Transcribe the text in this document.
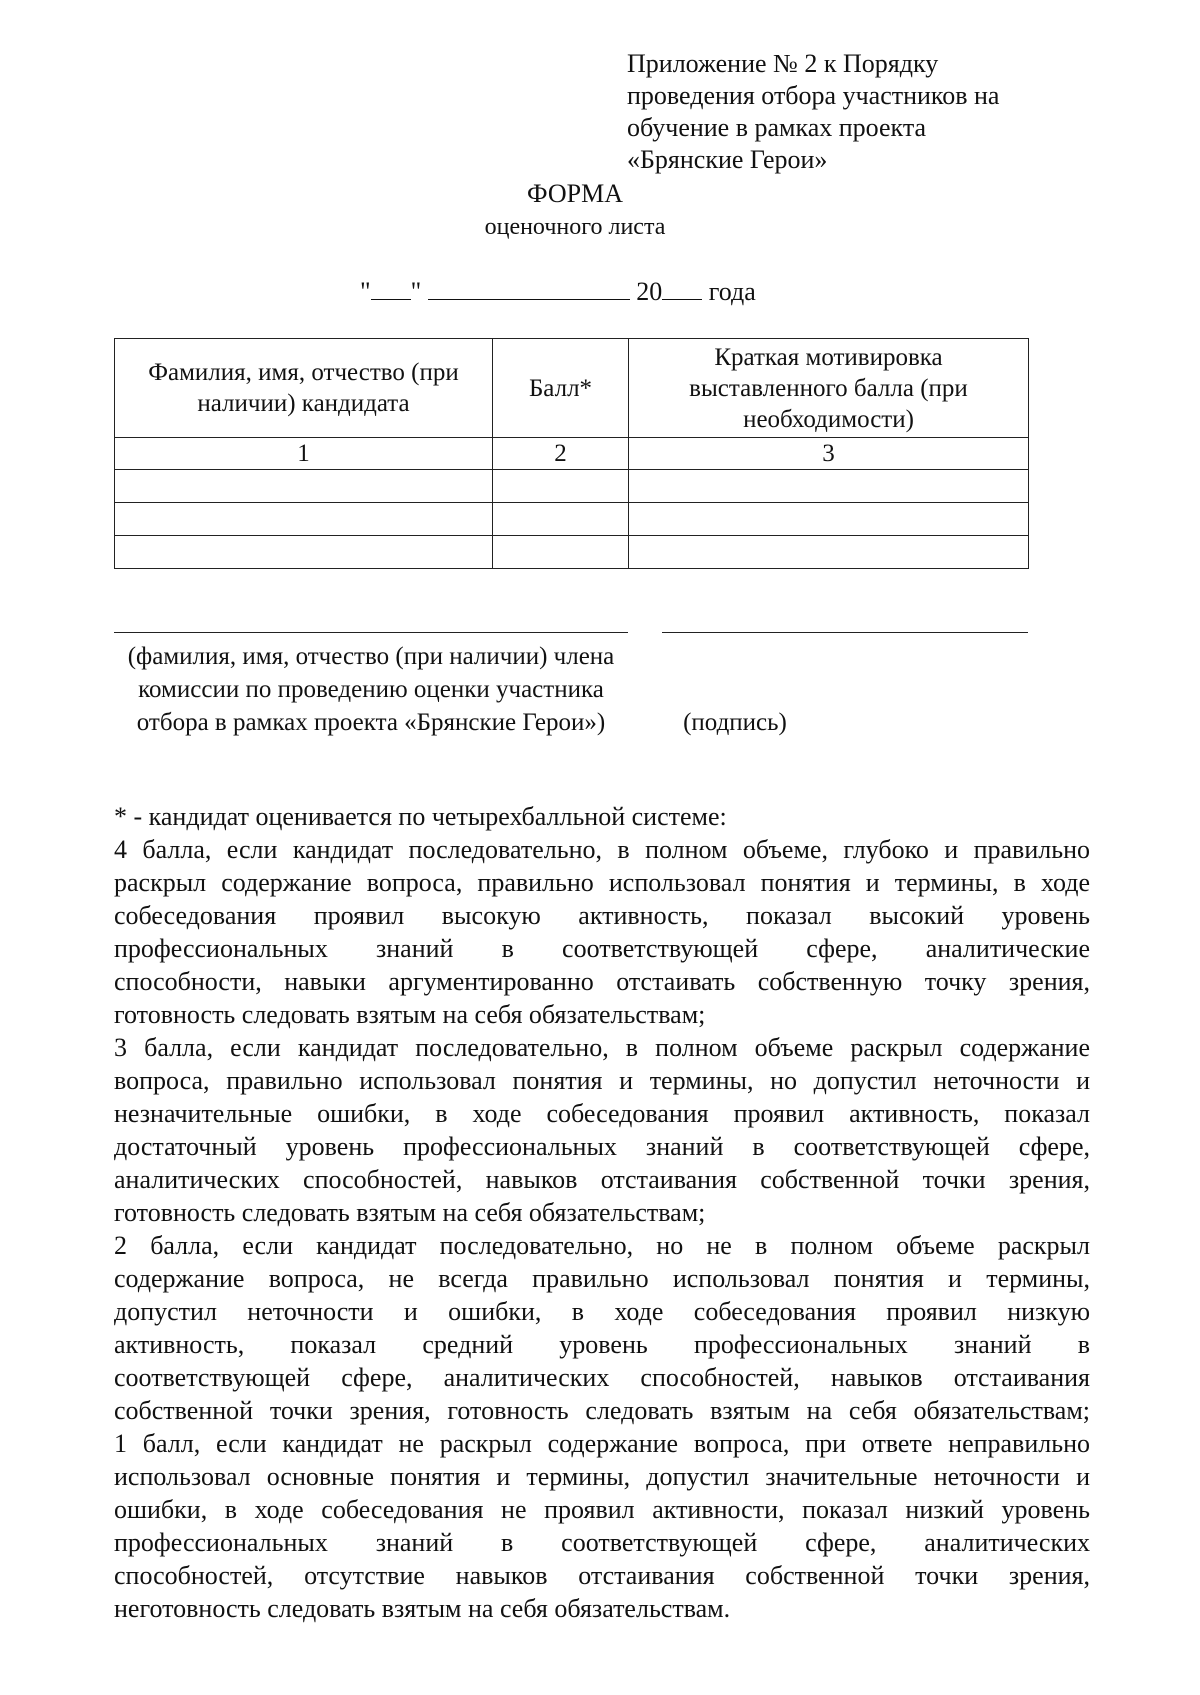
Приложение № 2 к Порядку
проведения отбора участников на
обучение в рамках проекта
«Брянские Герои»
ФОРМА
оценочного листа
" "	20 года
Фамилия, имя, отчество (при наличии) кандидата	Балл*	Краткая мотивировка выставленного балла (при необходимости)
1	2	3

(фамилия, имя, отчество (при наличии) члена комиссии по проведению оценки участника отбора в рамках проекта «Брянские Герои»)	(подпись)
* - кандидат оценивается по четырехбалльной системе:
4 балла, если кандидат последовательно, в полном объеме, глубоко и правильно
раскрыл содержание вопроса, правильно использовал понятия и термины, в ходе
собеседования проявил высокую активность, показал высокий уровень
профессиональных знаний в соответствующей сфере, аналитические
способности, навыки аргументированно отстаивать собственную точку зрения,
готовность следовать взятым на себя обязательствам;
3 балла, если кандидат последовательно, в полном объеме раскрыл содержание
вопроса, правильно использовал понятия и термины, но допустил неточности и
незначительные ошибки, в ходе собеседования проявил активность, показал
достаточный уровень профессиональных знаний в соответствующей сфере,
аналитических способностей, навыков отстаивания собственной точки зрения,
готовность следовать взятым на себя обязательствам;
2 балла, если кандидат последовательно, но не в полном объеме раскрыл
содержание вопроса, не всегда правильно использовал понятия и термины,
допустил неточности и ошибки, в ходе собеседования проявил низкую
активность, показал средний уровень профессиональных знаний в
соответствующей сфере, аналитических способностей, навыков отстаивания
собственной точки зрения, готовность следовать взятым на себя обязательствам;
1 балл, если кандидат не раскрыл содержание вопроса, при ответе неправильно
использовал основные понятия и термины, допустил значительные неточности и
ошибки, в ходе собеседования не проявил активности, показал низкий уровень
профессиональных знаний в соответствующей сфере, аналитических
способностей, отсутствие навыков отстаивания собственной точки зрения,
неготовность следовать взятым на себя обязательствам.
